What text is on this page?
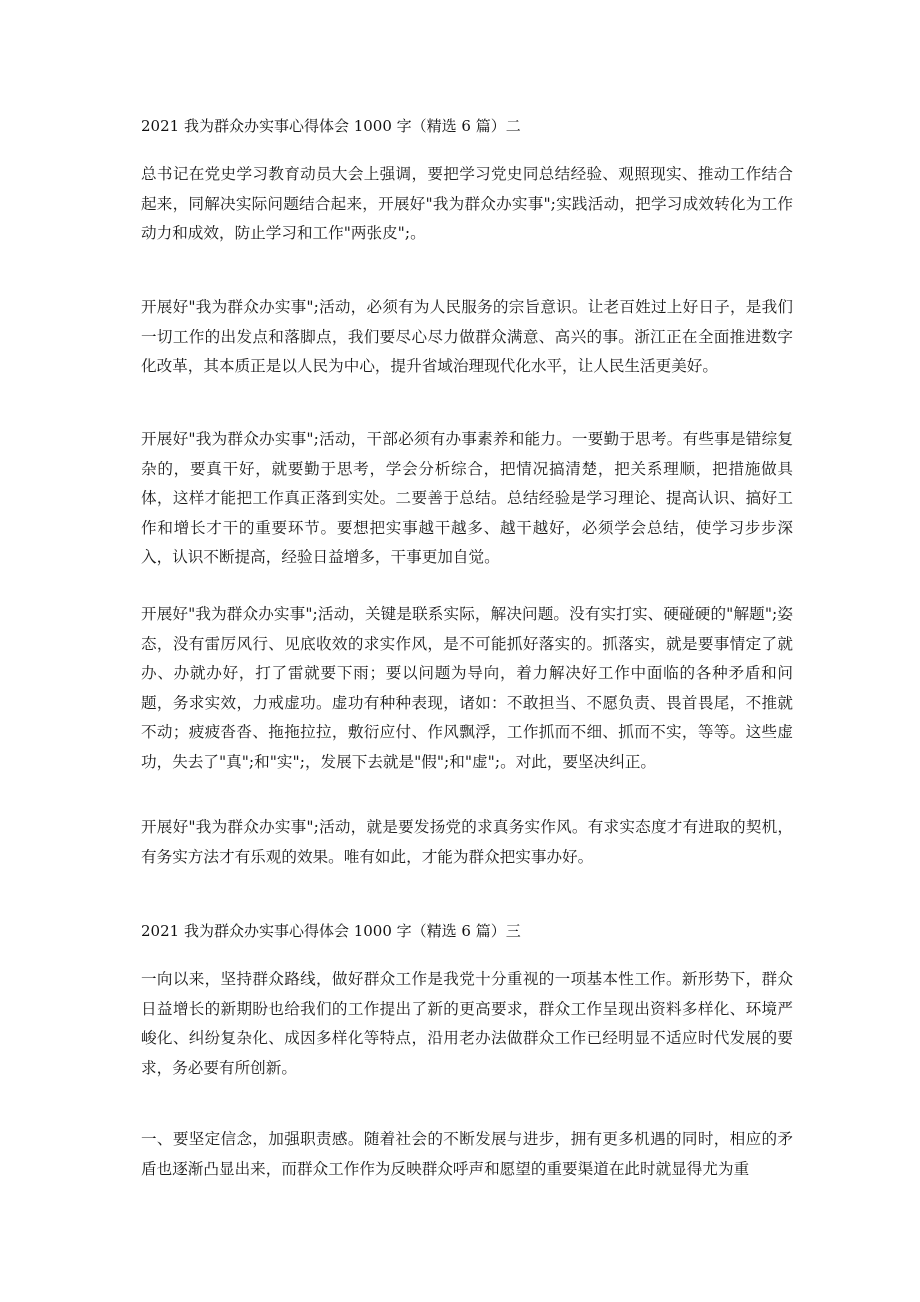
2021 我为群众办实事心得体会 1000 字（精选 6 篇）二
总书记在党史学习教育动员大会上强调，要把学习党史同总结经验、观照现实、推动工作结合起来，同解决实际问题结合起来，开展好"我为群众办实事";实践活动，把学习成效转化为工作动力和成效，防止学习和工作"两张皮";。
开展好"我为群众办实事";活动，必须有为人民服务的宗旨意识。让老百姓过上好日子，是我们一切工作的出发点和落脚点，我们要尽心尽力做群众满意、高兴的事。浙江正在全面推进数字化改革，其本质正是以人民为中心，提升省域治理现代化水平，让人民生活更美好。
开展好"我为群众办实事";活动，干部必须有办事素养和能力。一要勤于思考。有些事是错综复杂的，要真干好，就要勤于思考，学会分析综合，把情况搞清楚，把关系理顺，把措施做具体，这样才能把工作真正落到实处。二要善于总结。总结经验是学习理论、提高认识、搞好工作和增长才干的重要环节。要想把实事越干越多、越干越好，必须学会总结，使学习步步深入，认识不断提高，经验日益增多，干事更加自觉。
开展好"我为群众办实事";活动，关键是联系实际，解决问题。没有实打实、硬碰硬的"解题";姿态，没有雷厉风行、见底收效的求实作风，是不可能抓好落实的。抓落实，就是要事情定了就办、办就办好，打了雷就要下雨；要以问题为导向，着力解决好工作中面临的各种矛盾和问题，务求实效，力戒虚功。虚功有种种表现，诸如：不敢担当、不愿负责、畏首畏尾，不推就不动；疲疲沓沓、拖拖拉拉，敷衍应付、作风飘浮，工作抓而不细、抓而不实，等等。这些虚功，失去了"真";和"实";，发展下去就是"假";和"虚";。对此，要坚决纠正。
开展好"我为群众办实事";活动，就是要发扬党的求真务实作风。有求实态度才有进取的契机，有务实方法才有乐观的效果。唯有如此，才能为群众把实事办好。
2021 我为群众办实事心得体会 1000 字（精选 6 篇）三
一向以来，坚持群众路线，做好群众工作是我党十分重视的一项基本性工作。新形势下，群众日益增长的新期盼也给我们的工作提出了新的更高要求，群众工作呈现出资料多样化、环境严峻化、纠纷复杂化、成因多样化等特点，沿用老办法做群众工作已经明显不适应时代发展的要求，务必要有所创新。
一、要坚定信念，加强职责感。随着社会的不断发展与进步，拥有更多机遇的同时，相应的矛盾也逐渐凸显出来，而群众工作作为反映群众呼声和愿望的重要渠道在此时就显得尤为重
